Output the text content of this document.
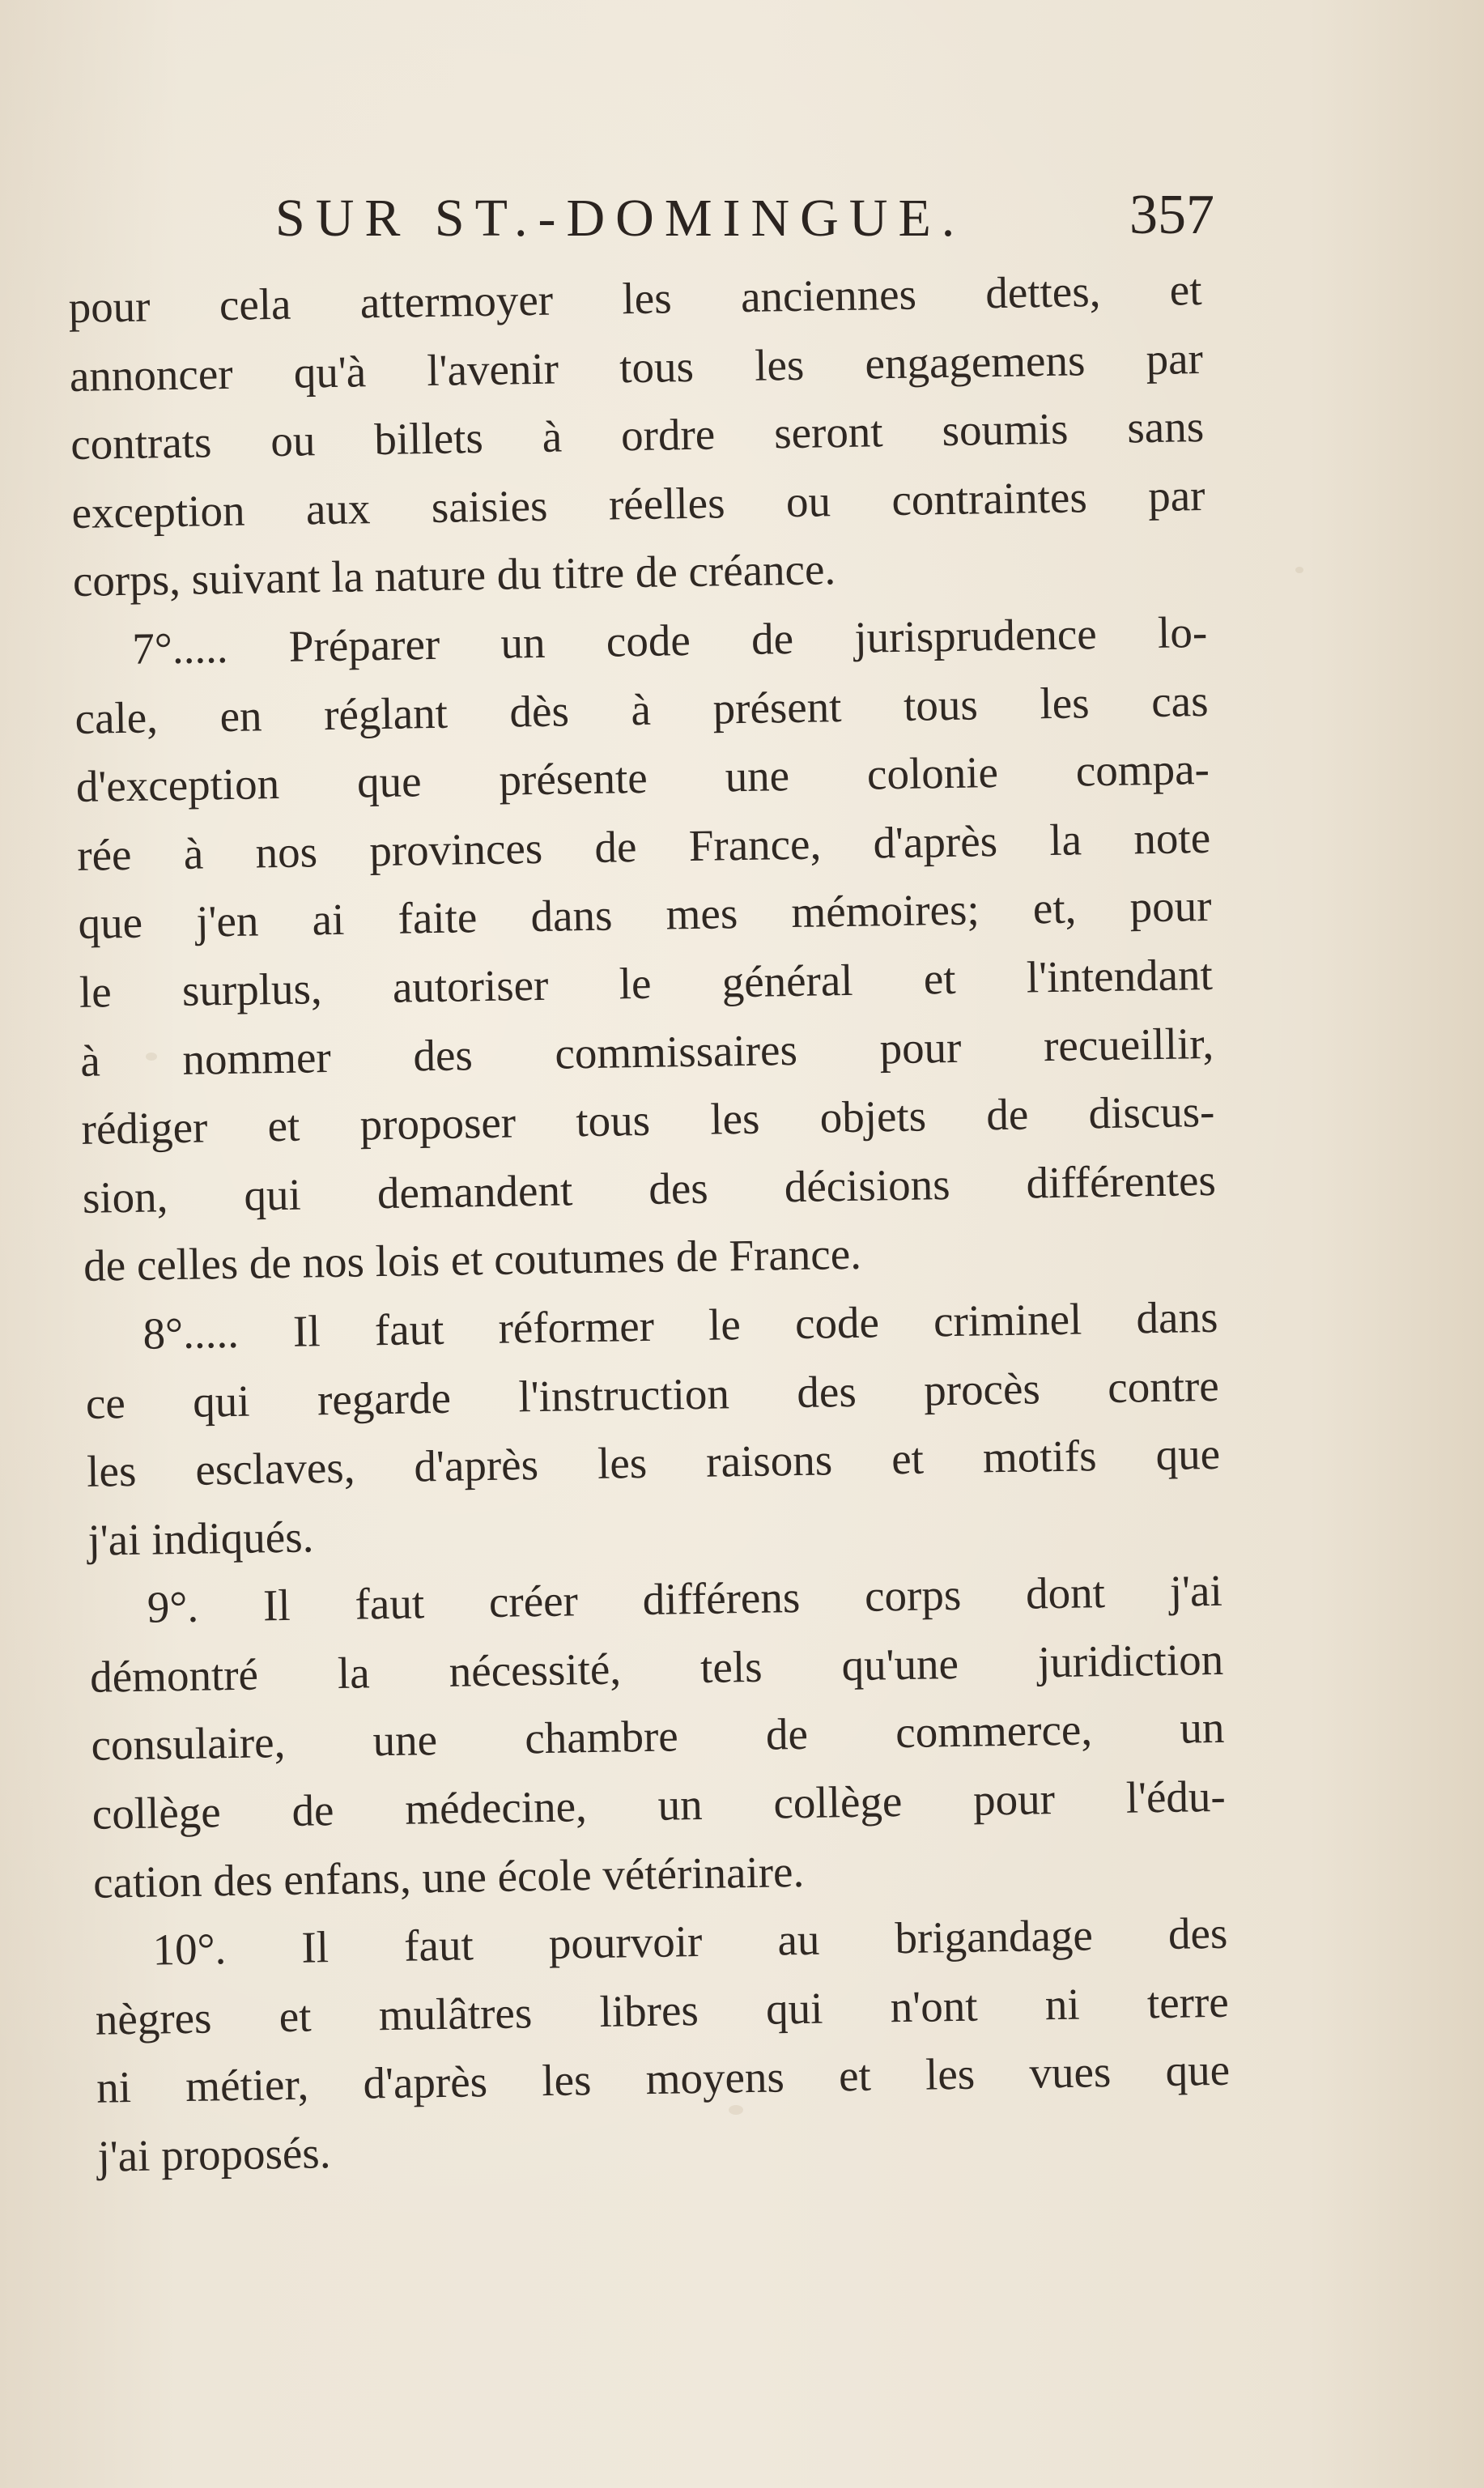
SUR ST.-DOMINGUE.	357
pour cela attermoyer les anciennes dettes, et
annoncer qu'à l'avenir tous les engagemens par
contrats ou billets à ordre seront soumis sans
exception aux saisies réelles ou contraintes par
corps, suivant la nature du titre de créance.
7°..... Préparer un code de jurisprudence lo-
cale, en réglant dès à présent tous les cas
d'exception que présente une colonie compa-
rée à nos provinces de France, d'après la note
que j'en ai faite dans mes mémoires; et, pour
le surplus, autoriser le général et l'intendant
à nommer des commissaires pour recueillir,
rédiger et proposer tous les objets de discus-
sion, qui demandent des décisions différentes
de celles de nos lois et coutumes de France.
8°..... Il faut réformer le code criminel dans
ce qui regarde l'instruction des procès contre
les esclaves, d'après les raisons et motifs que
j'ai indiqués.
9°. Il faut créer différens corps dont j'ai
démontré la nécessité, tels qu'une juridiction
consulaire, une chambre de commerce, un
collège de médecine, un collège pour l'édu-
cation des enfans, une école vétérinaire.
10°. Il faut pourvoir au brigandage des
nègres et mulâtres libres qui n'ont ni terre
ni métier, d'après les moyens et les vues que
j'ai proposés.
